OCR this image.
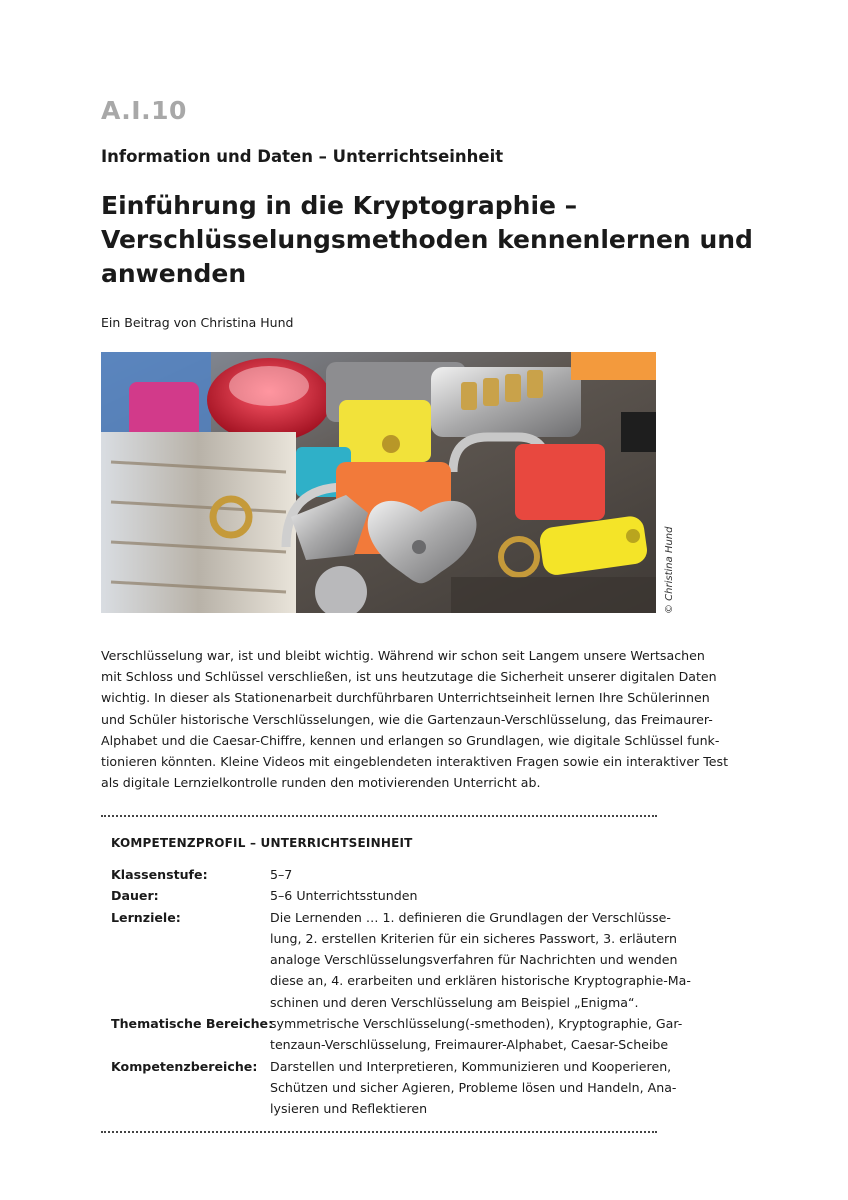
A.I.10
Information und Daten – Unterrichtseinheit
Einführung in die Kryptographie –
Verschlüsselungsmethoden kennenlernen und
anwenden
Ein Beitrag von Christina Hund
© Christina Hund
Verschlüsselung war, ist und bleibt wichtig. Während wir schon seit Langem unsere Wertsachen
mit Schloss und Schlüssel verschließen, ist uns heutzutage die Sicherheit unserer digitalen Daten
wichtig. In dieser als Stationenarbeit durchführbaren Unterrichtseinheit lernen Ihre Schülerinnen
und Schüler historische Verschlüsselungen, wie die Gartenzaun-Verschlüsselung, das Freimaurer-
Alphabet und die Caesar-Chiffre, kennen und erlangen so Grundlagen, wie digitale Schlüssel funk-
tionieren könnten. Kleine Videos mit eingeblendeten interaktiven Fragen sowie ein interaktiver Test
als digitale Lernzielkontrolle runden den motivierenden Unterricht ab.
KOMPETENZPROFIL – UNTERRICHTSEINHEIT
Klassenstufe:	5–7
Dauer:	5–6 Unterrichtsstunden
Lernziele:	Die Lernenden … 1. definieren die Grundlagen der Verschlüsse-
lung, 2. erstellen Kriterien für ein sicheres Passwort, 3. erläutern
analoge Verschlüsselungsverfahren für Nachrichten und wenden
diese an, 4. erarbeiten und erklären historische Kryptographie-Ma-
schinen und deren Verschlüsselung am Beispiel „Enigma“.
Thematische Bereiche:
symmetrische Verschlüsselung(-smethoden), Kryptographie, Gar-
tenzaun-Verschlüsselung, Freimaurer-Alphabet, Caesar-Scheibe
Kompetenzbereiche:	Darstellen und Interpretieren, Kommunizieren und Kooperieren,
Schützen und sicher Agieren, Probleme lösen und Handeln, Ana-
lysieren und Reflektieren
